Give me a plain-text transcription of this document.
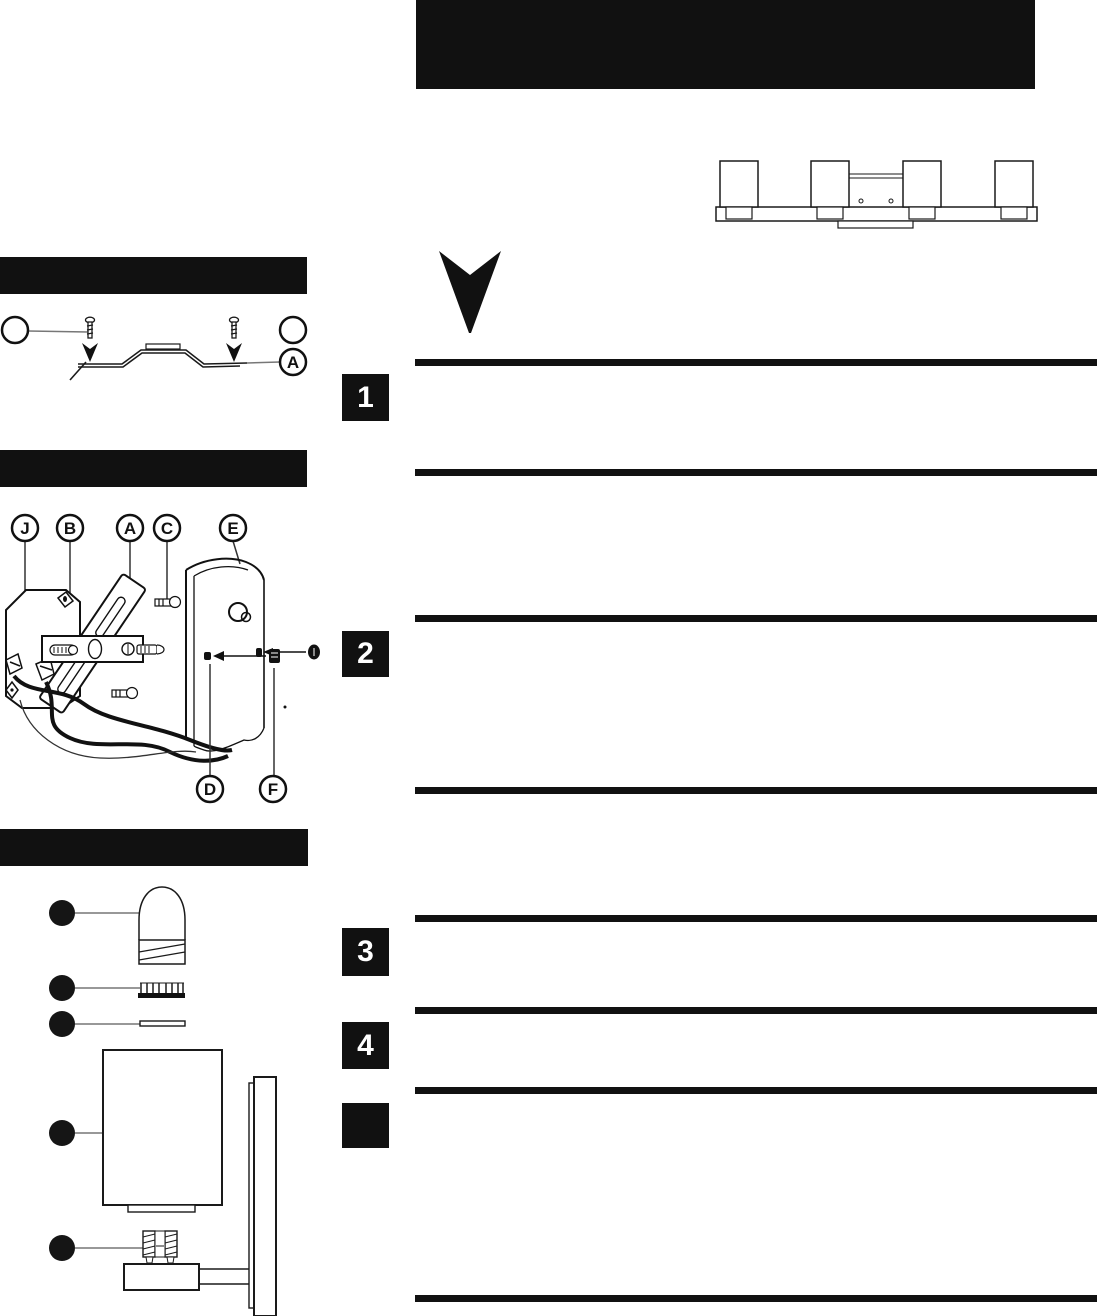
A
J B	A C	E
D	F
1
2
3
4
